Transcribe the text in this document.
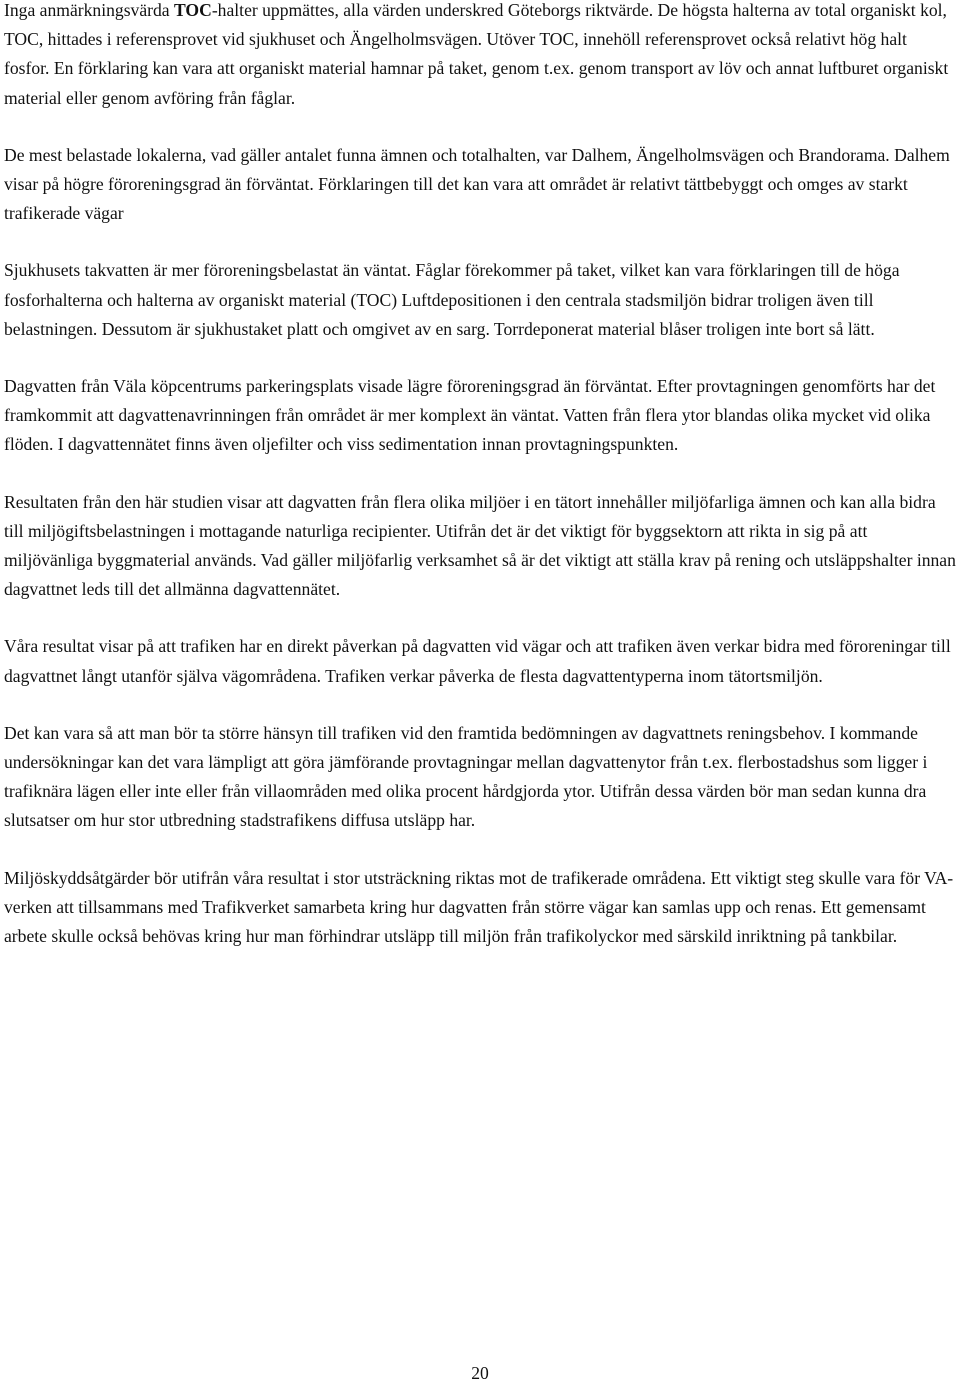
Inga anmärkningsvärda TOC-halter uppmättes, alla värden underskred Göteborgs riktvärde. De högsta halterna av total organiskt kol, TOC, hittades i referensprovet vid sjukhuset och Ängelholmsvägen. Utöver TOC, innehöll referensprovet också relativt hög halt fosfor. En förklaring kan vara att organiskt material hamnar på taket, genom t.ex. genom transport av löv och annat luftburet organiskt material eller genom avföring från fåglar.

De mest belastade lokalerna, vad gäller antalet funna ämnen och totalhalten, var Dalhem, Ängelholmsvägen och Brandorama. Dalhem visar på högre föroreningsgrad än förväntat. Förklaringen till det kan vara att området är relativt tättbebyggt och omges av starkt trafikerade vägar

Sjukhusets takvatten är mer föroreningsbelastat än väntat. Fåglar förekommer på taket, vilket kan vara förklaringen till de höga fosforhalterna och halterna av organiskt material (TOC) Luftdepositionen i den centrala stadsmiljön bidrar troligen även till belastningen. Dessutom är sjukhustaket platt och omgivet av en sarg. Torrdeponerat material blåser troligen inte bort så lätt.

Dagvatten från Väla köpcentrums parkeringsplats visade lägre föroreningsgrad än förväntat. Efter provtagningen genomförts har det framkommit att dagvattenavrinningen från området är mer komplext än väntat. Vatten från flera ytor blandas olika mycket vid olika flöden. I dagvattennätet finns även oljefilter och viss sedimentation innan provtagningspunkten.

Resultaten från den här studien visar att dagvatten från flera olika miljöer i en tätort innehåller miljöfarliga ämnen och kan alla bidra till miljögiftsbelastningen i mottagande naturliga recipienter. Utifrån det är det viktigt för byggsektorn att rikta in sig på att miljövänliga byggmaterial används. Vad gäller miljöfarlig verksamhet så är det viktigt att ställa krav på rening och utsläppshalter innan dagvattnet leds till det allmänna dagvattennätet.

Våra resultat visar på att trafiken har en direkt påverkan på dagvatten vid vägar och att trafiken även verkar bidra med föroreningar till dagvattnet långt utanför själva vägområdena. Trafiken verkar påverka de flesta dagvattentyperna inom tätortsmiljön.

Det kan vara så att man bör ta större hänsyn till trafiken vid den framtida bedömningen av dagvattnets reningsbehov. I kommande undersökningar kan det vara lämpligt att göra jämförande provtagningar mellan dagvattenytor från t.ex. flerbostadshus som ligger i trafiknära lägen eller inte eller från villaområden med olika procent hårdgjorda ytor. Utifrån dessa värden bör man sedan kunna dra slutsatser om hur stor utbredning stadstrafikens diffusa utsläpp har.

Miljöskyddsåtgärder bör utifrån våra resultat i stor utsträckning riktas mot de trafikerade områdena. Ett viktigt steg skulle vara för VA-verken att tillsammans med Trafikverket samarbeta kring hur dagvatten från större vägar kan samlas upp och renas. Ett gemensamt arbete skulle också behövas kring hur man förhindrar utsläpp till miljön från trafikolyckor med särskild inriktning på tankbilar.

20
